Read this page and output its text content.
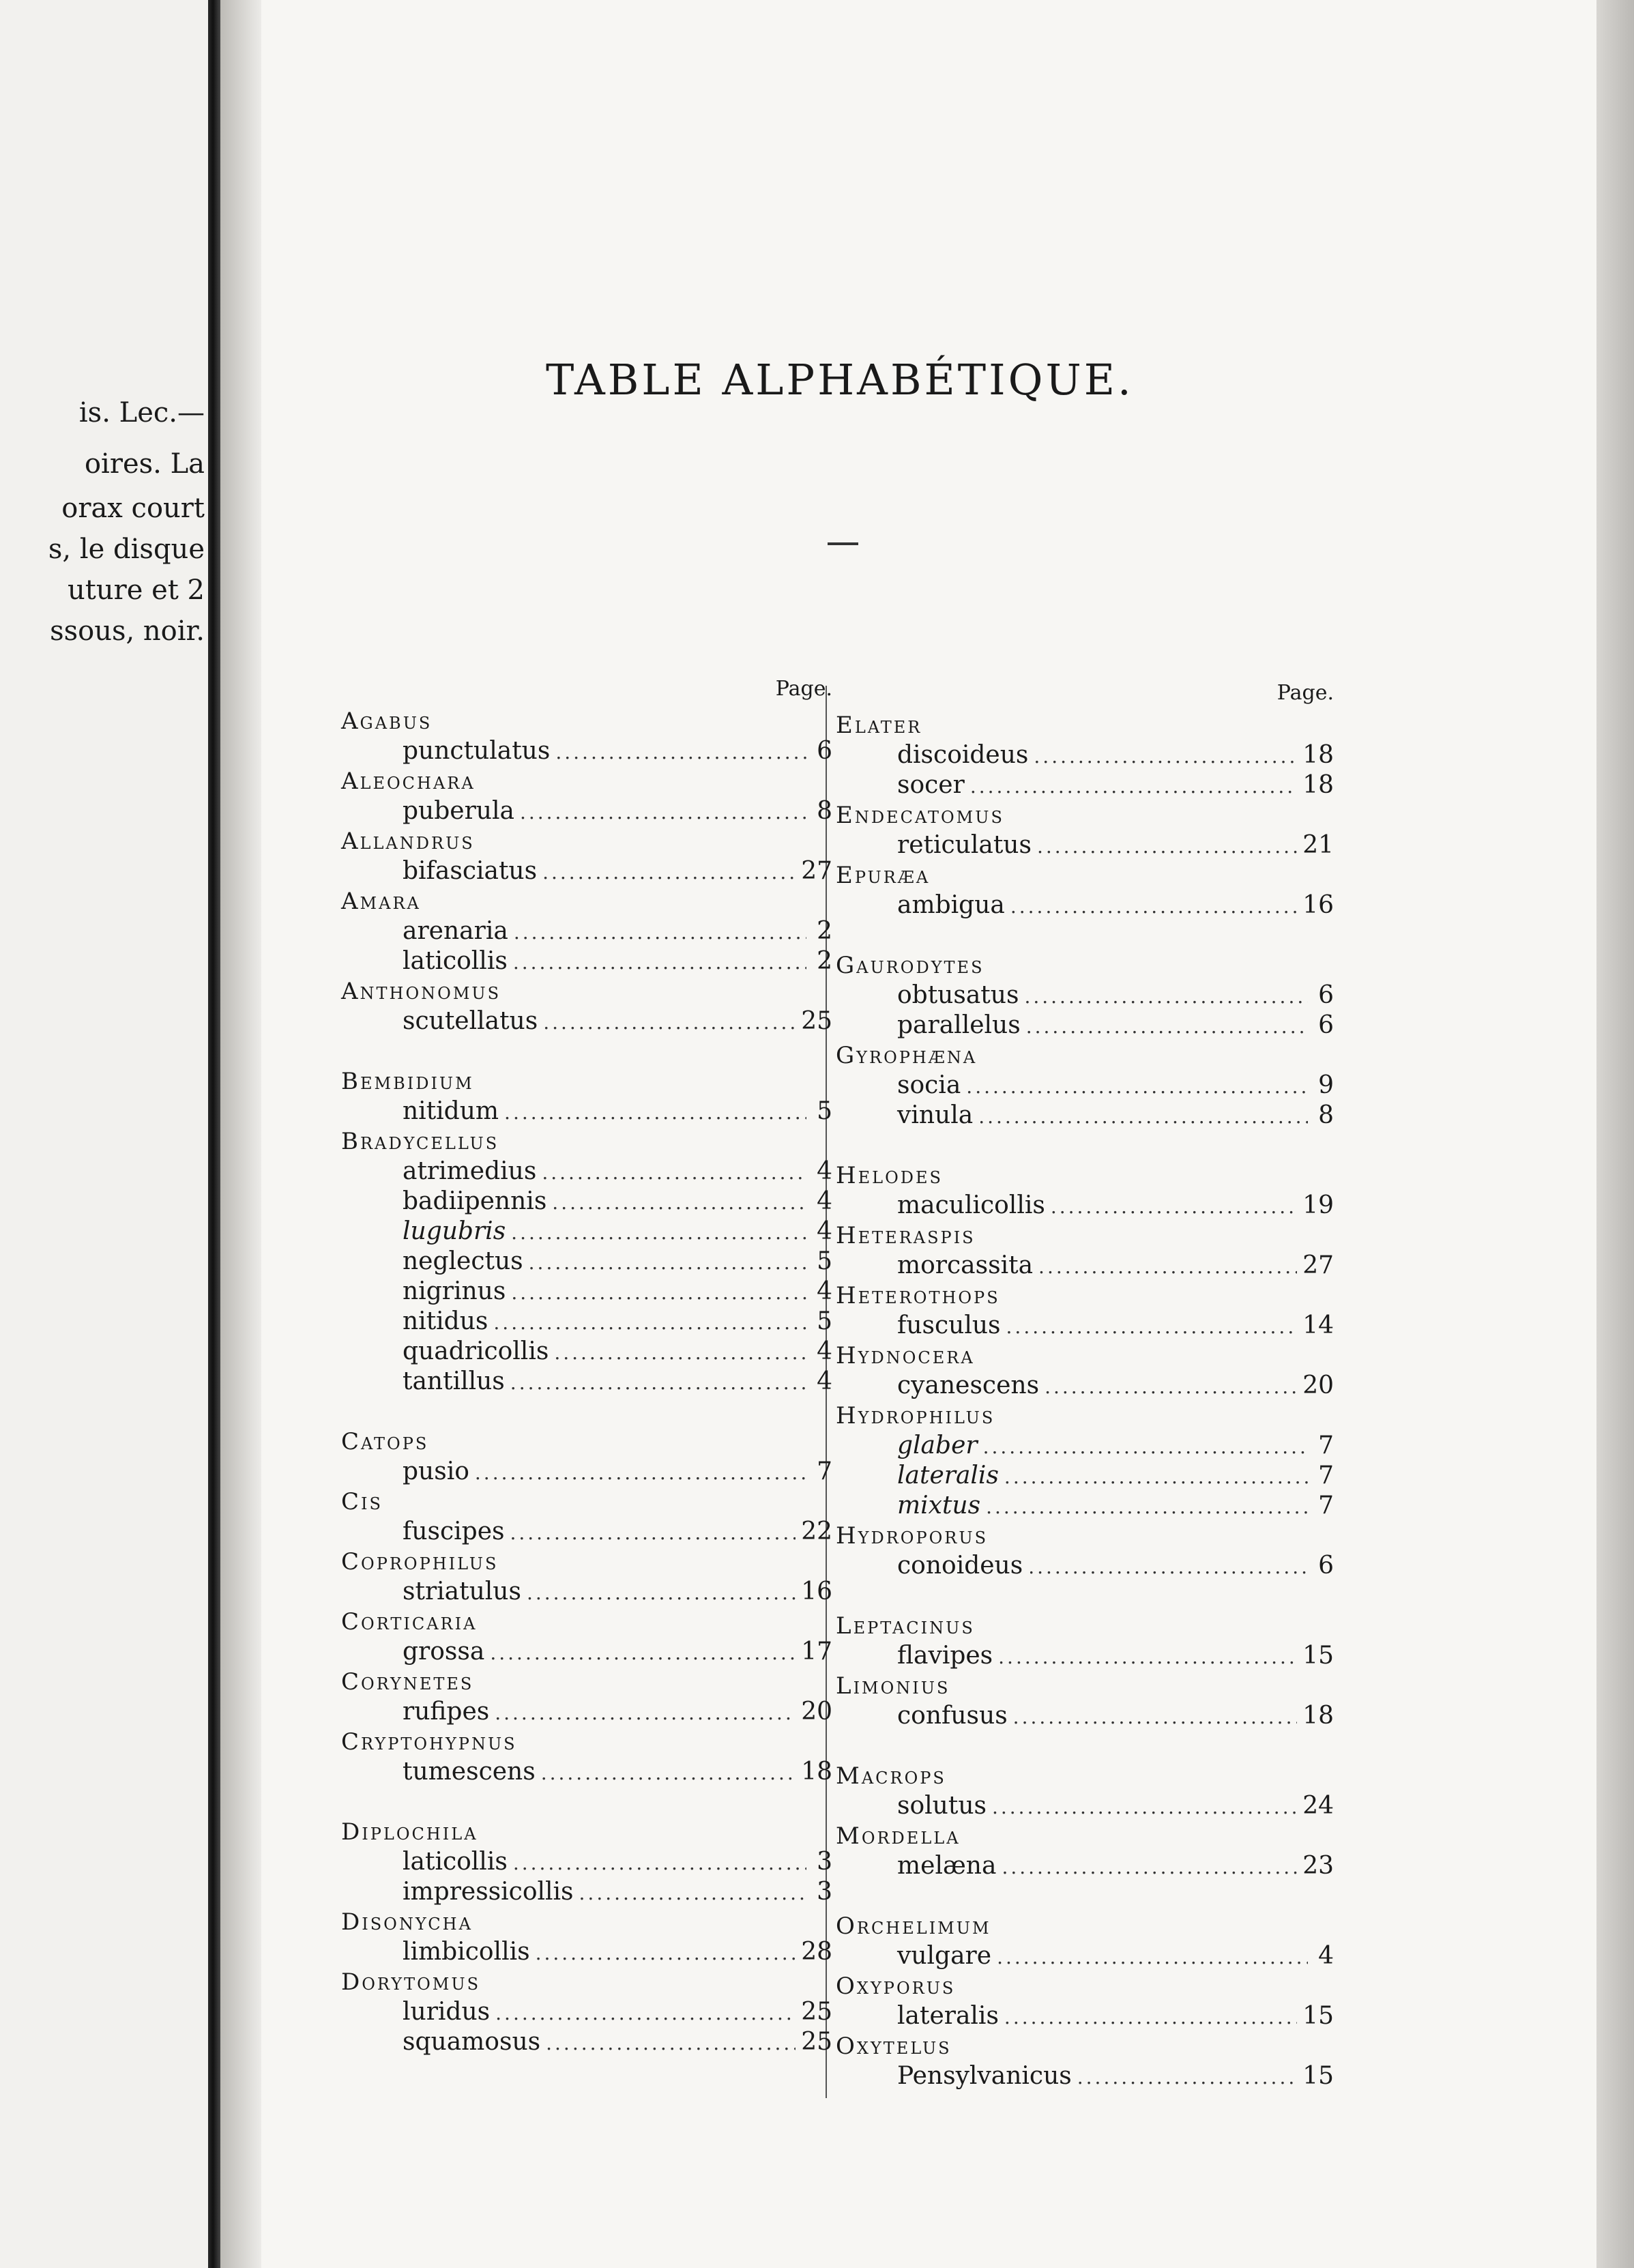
is. Lec.—
oires. La
orax court
s, le disque
uture et 2
ssous, noir.
TABLE ALPHABÉTIQUE.
Page.
Agabus
punctulatus .....	6
Aleochara
puberula .....	8
Allandrus
bifasciatus .....	27
Amara
arenaria .....	2
laticollis .....	2
Anthonomus
scutellatus .....	25
Bembidium
nitidum .....	5
Bradycellus
atrimedius .....	4
badiipennis .....	4
lugubris .....	4
neglectus .....	5
nigrinus .....	4
nitidus .....	5
quadricollis .....	4
tantillus .....	4
Catops
pusio .....	7
Cis
fuscipes .....	22
Coprophilus
striatulus .....	16
Corticaria
grossa .....	17
Corynetes
rufipes .....	20
Cryptohypnus
tumescens .....	18
Diplochila
laticollis .....	3
impressicollis .....	3
Disonycha
limbicollis .....	28
Dorytomus
luridus .....	25
squamosus .....	25
Page.
Elater
discoideus .....	18
socer .....	18
Endecatomus
reticulatus .....	21
Epuræa
ambigua .....	16
Gaurodytes
obtusatus .....	6
parallelus .....	6
Gyrophæna
socia .....	9
vinula .....	8
Helodes
maculicollis .....	19
Heteraspis
morcassita .....	27
Heterothops
fusculus .....	14
Hydnocera
cyanescens .....	20
Hydrophilus
glaber .....	7
lateralis .....	7
mixtus .....	7
Hydroporus
conoideus .....	6
Leptacinus
flavipes .....	15
Limonius
confusus .....	18
Macrops
solutus .....	24
Mordella
melæna .....	23
Orchelimum
vulgare .....	4
Oxyporus
lateralis .....	15
Oxytelus
Pensylvanicus .....	15
